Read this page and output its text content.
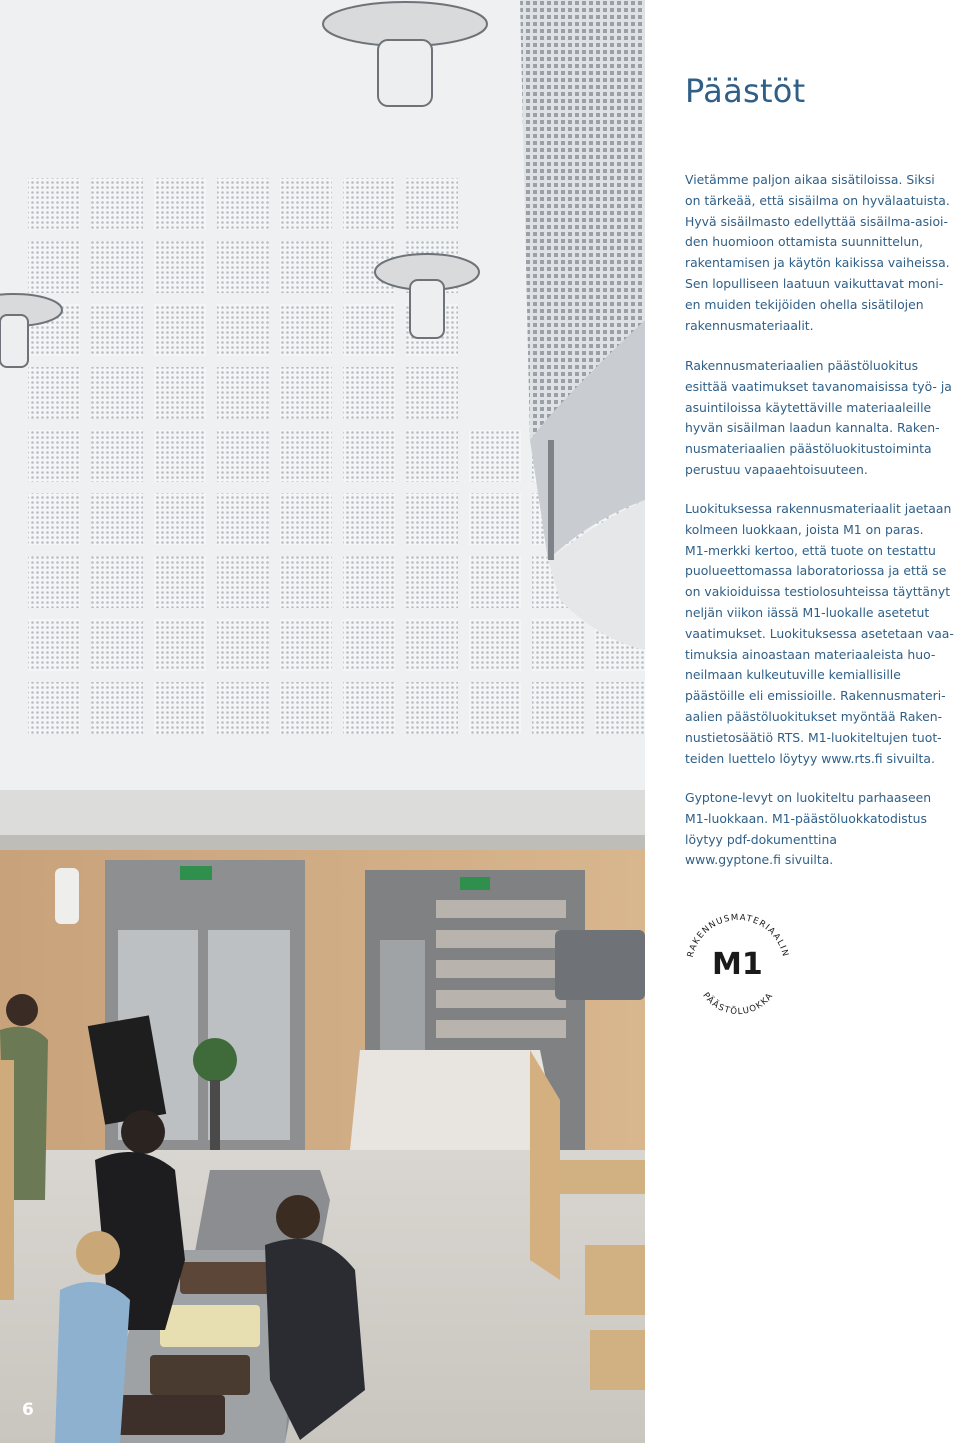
6
Päästöt
Vietämme paljon aikaa sisätiloissa. Siksi
on tärkeää, että sisäilma on hyvälaatuista.
Hyvä sisäilmasto edellyttää sisäilma-asioi-
den huomioon ottamista suunnittelun,
rakentamisen ja käytön kaikissa vaiheissa.
Sen lopulliseen laatuun vaikuttavat moni-
en muiden tekijöiden ohella sisätilojen
rakennusmateriaalit.
Rakennusmateriaalien päästöluokitus
esittää vaatimukset tavanomaisissa työ- ja
asuintiloissa käytettäville materiaaleille
hyvän sisäilman laadun kannalta. Raken-
nusmateriaalien päästöluokitustoiminta
perustuu vapaaehtoisuuteen.
Luokituksessa rakennusmateriaalit jaetaan
kolmeen luokkaan, joista M1 on paras.
M1-merkki kertoo, että tuote on testattu
puolueettomassa laboratoriossa ja että se
on vakioiduissa testiolosuhteissa täyttänyt
neljän viikon iässä M1-luokalle asetetut
vaatimukset. Luokituksessa asetetaan vaa-
timuksia ainoastaan materiaaleista huo-
neilmaan kulkeutuville kemiallisille
päästöille eli emissioille. Rakennusmateri-
aalien päästöluokitukset myöntää Raken-
nustietosäätiö RTS. M1-luokiteltujen tuot-
teiden luettelo löytyy www.rts.fi sivuilta.
Gyptone-levyt on luokiteltu parhaaseen
M1-luokkaan. M1-päästöluokkatodistus
löytyy pdf-dokumenttina
www.gyptone.fi sivuilta.
M1
RAKENNUSMATERIAALIN
PÄÄSTÖLUOKKA
